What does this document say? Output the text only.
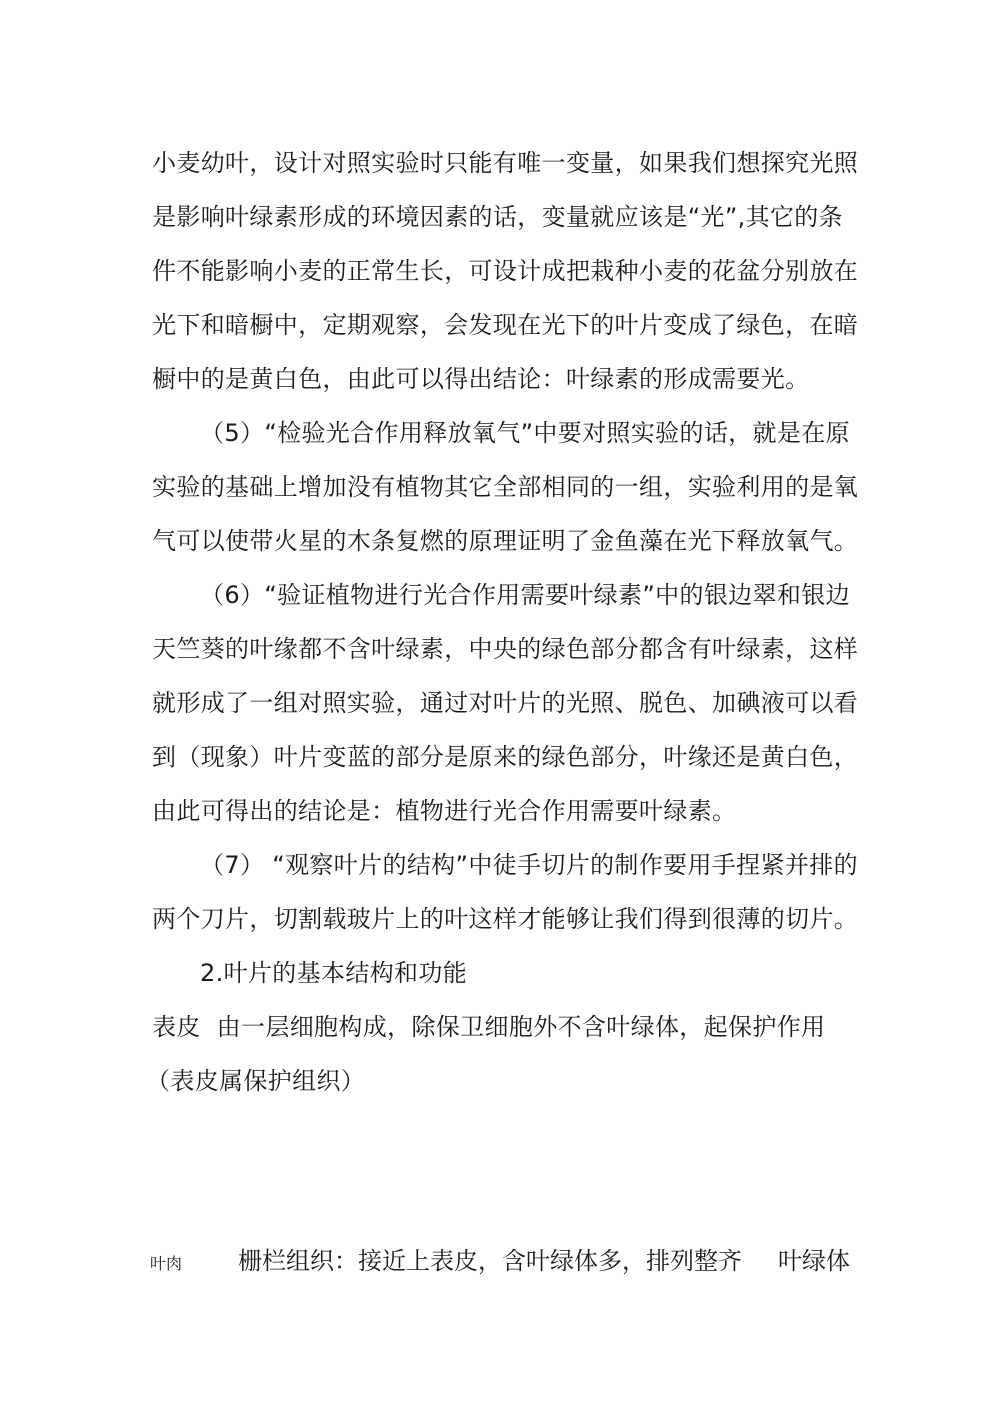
小麦幼叶，设计对照实验时只能有唯一变量，如果我们想探究光照
是影响叶绿素形成的环境因素的话，变量就应该是“光”,其它的条
件不能影响小麦的正常生长，可设计成把栽种小麦的花盆分别放在
光下和暗橱中，定期观察，会发现在光下的叶片变成了绿色，在暗
橱中的是黄白色，由此可以得出结论：叶绿素的形成需要光。
（5）“检验光合作用释放氧气”中要对照实验的话，就是在原
实验的基础上增加没有植物其它全部相同的一组，实验利用的是氧
气可以使带火星的木条复燃的原理证明了金鱼藻在光下释放氧气。
（6）“验证植物进行光合作用需要叶绿素”中的银边翠和银边
天竺葵的叶缘都不含叶绿素，中央的绿色部分都含有叶绿素，这样
就形成了一组对照实验，通过对叶片的光照、脱色、加碘液可以看
到（现象）叶片变蓝的部分是原来的绿色部分，叶缘还是黄白色，
由此可得出的结论是：植物进行光合作用需要叶绿素。
（7） “观察叶片的结构”中徒手切片的制作要用手捏紧并排的
两个刀片，切割载玻片上的叶这样才能够让我们得到很薄的切片。
2.叶片的基本结构和功能
表皮  由一层细胞构成，除保卫细胞外不含叶绿体，起保护作用
（表皮属保护组织）
叶肉 栅栏组织：接近上表皮，含叶绿体多，排列整齐 叶绿体
